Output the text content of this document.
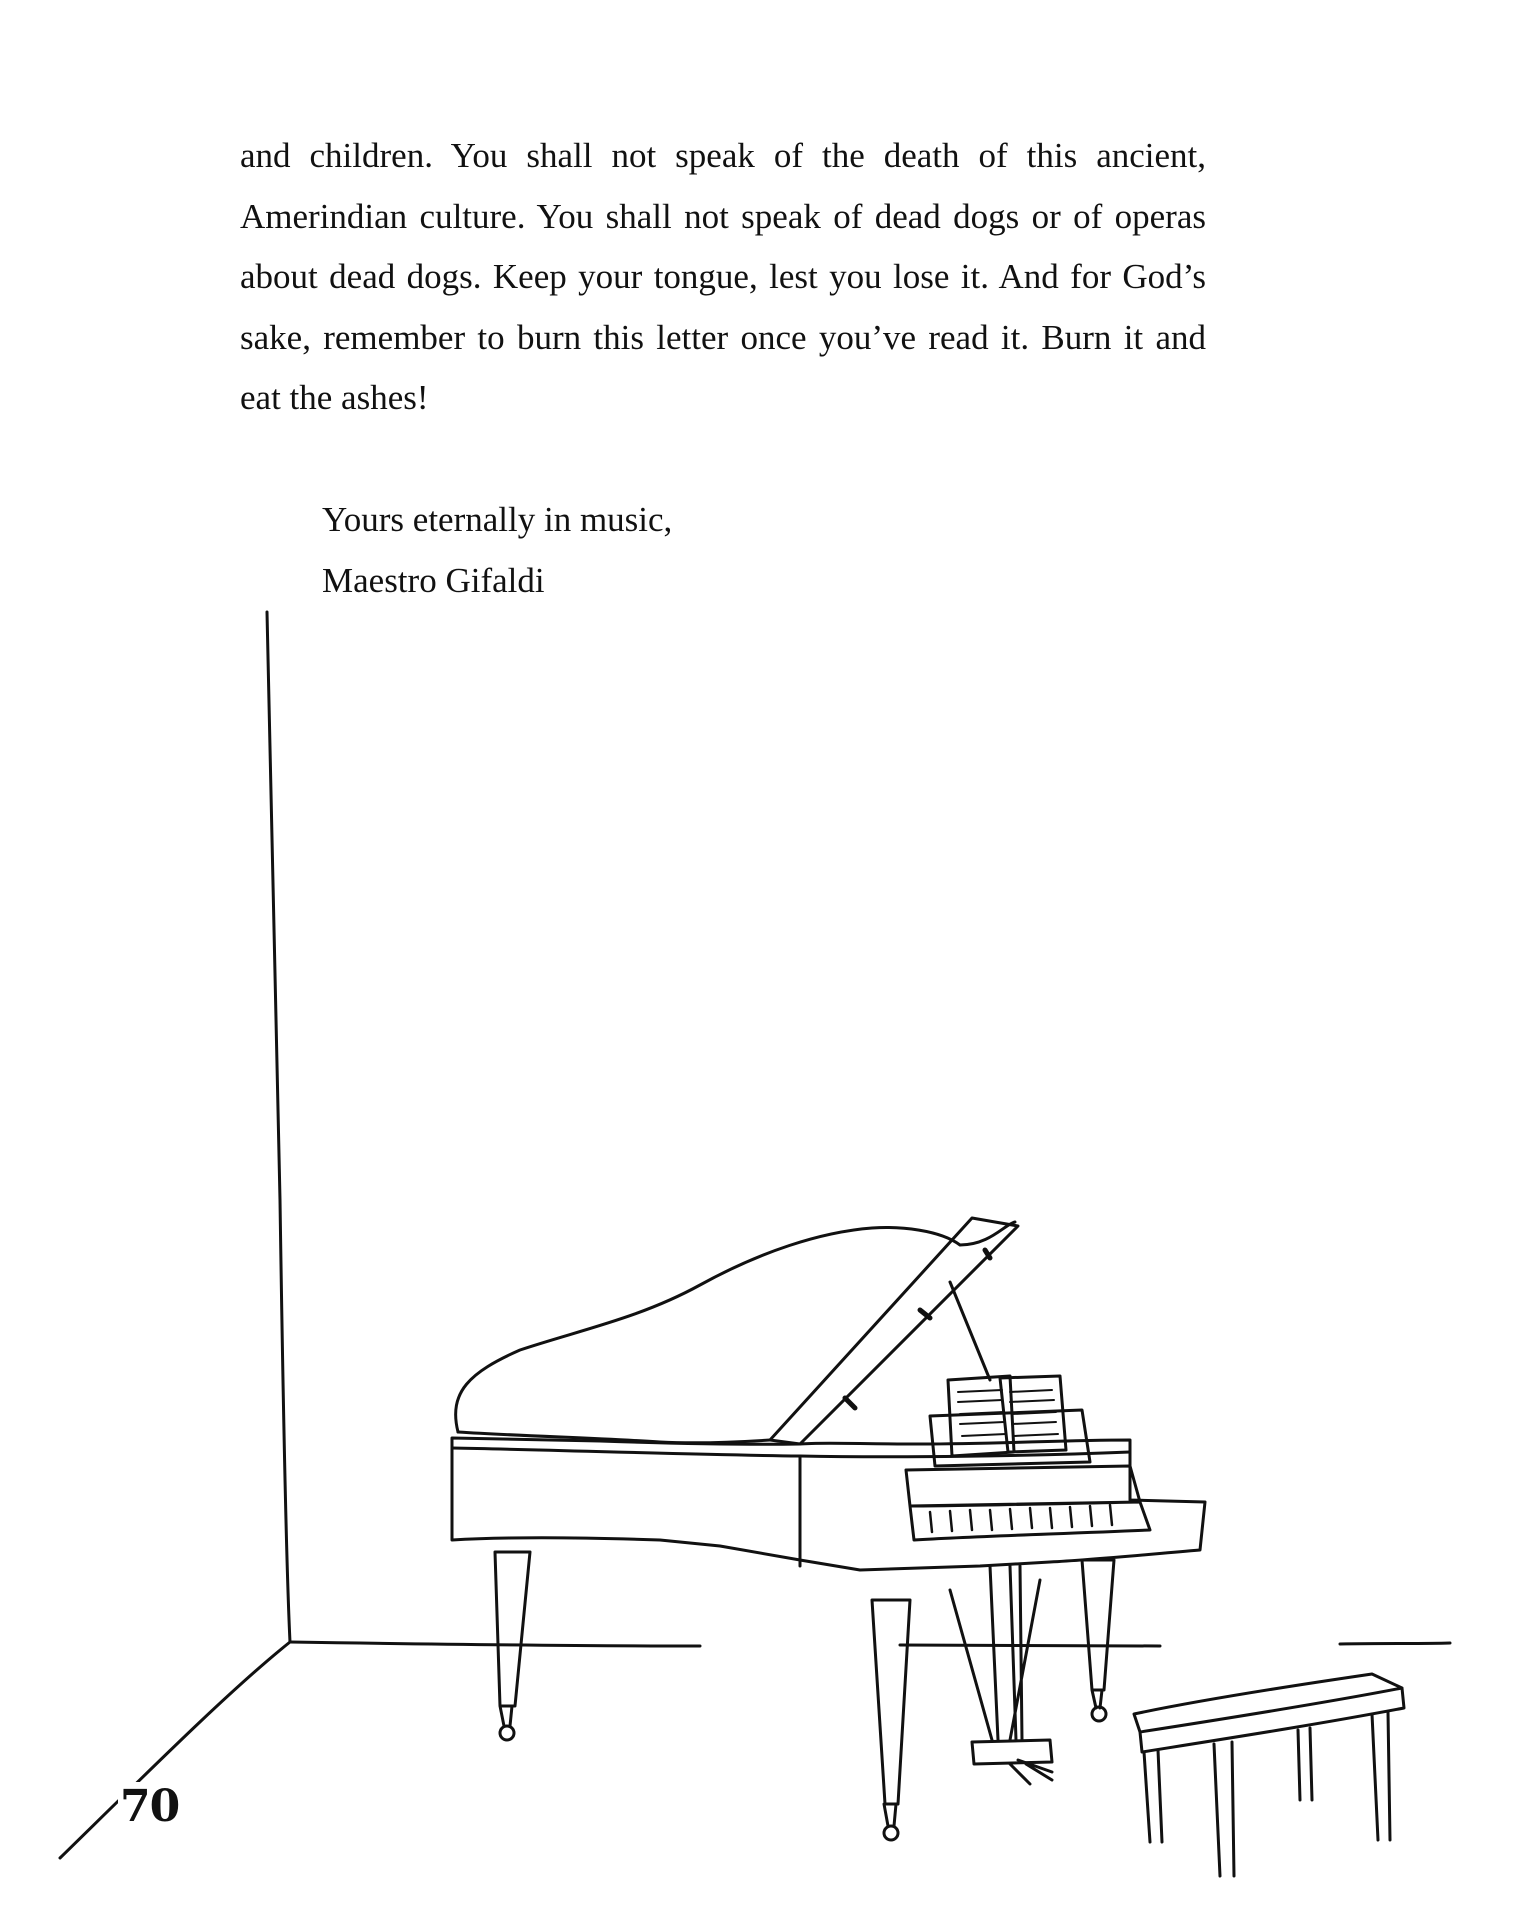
and children. You shall not speak of the death of this ancient,
Amerindian culture. You shall not speak of dead dogs or of operas
about dead dogs. Keep your tongue, lest you lose it. And for God’s
sake, remember to burn this letter once you’ve read it. Burn it and
eat the ashes!
Yours eternally in music,
Maestro Gifaldi
70
